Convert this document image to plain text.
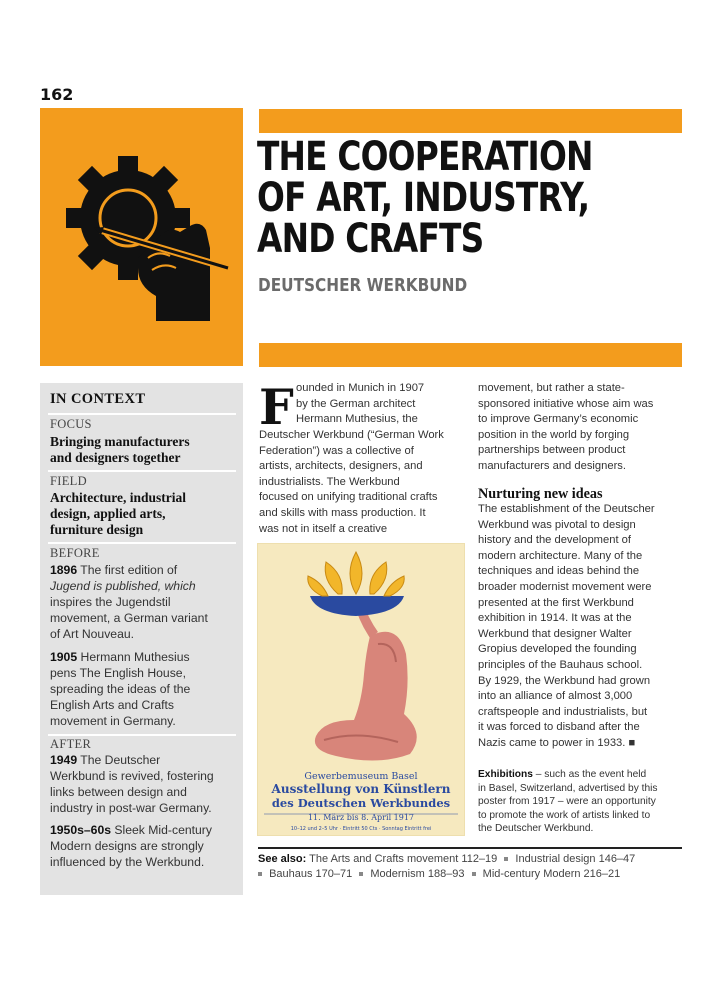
162
THE COOPERATION
OF ART, INDUSTRY,
AND CRAFTS
DEUTSCHER WERKBUND
IN CONTEXT
FOCUS
Bringing manufacturers
and designers together
FIELD
Architecture, industrial
design, applied arts,
furniture design
BEFORE
1896 The first edition of
Jugend is published, which
inspires the Jugendstil
movement, a German variant
of Art Nouveau.
1905 Hermann Muthesius
pens The English House,
spreading the ideas of the
English Arts and Crafts
movement in Germany.
AFTER
1949 The Deutscher
Werkbund is revived, fostering
links between design and
industry in post-war Germany.
1950s–60s Sleek Mid-century
Modern designs are strongly
influenced by the Werkbund.
F ounded in Munich in 1907
by the German architect
Hermann Muthesius, the
Deutscher Werkbund (“German Work
Federation”) was a collective of
artists, architects, designers, and
industrialists. The Werkbund
focused on unifying traditional crafts
and skills with mass production. It
was not in itself a creative
Gewerbemuseum Basel
Ausstellung von Künstlern
des Deutschen Werkbundes
11. März bis 8. April 1917
10–12 und 2–5 Uhr · Eintritt 50 Cts · Sonntag Eintritt frei
movement, but rather a state-
sponsored initiative whose aim was
to improve Germany’s economic
position in the world by forging
partnerships between product
manufacturers and designers.
Nurturing new ideas
The establishment of the Deutscher
Werkbund was pivotal to design
history and the development of
modern architecture. Many of the
techniques and ideas behind the
broader modernist movement were
presented at the first Werkbund
exhibition in 1914. It was at the
Werkbund that designer Walter
Gropius developed the founding
principles of the Bauhaus school.
By 1929, the Werkbund had grown
into an alliance of almost 3,000
craftspeople and industrialists, but
it was forced to disband after the
Nazis came to power in 1933. ■
Exhibitions – such as the event held
in Basel, Switzerland, advertised by this
poster from 1917 – were an opportunity
to promote the work of artists linked to
the Deutscher Werkbund.
See also: The Arts and Crafts movement 112–19 Industrial design 146–47
Bauhaus 170–71 Modernism 188–93 Mid-century Modern 216–21
